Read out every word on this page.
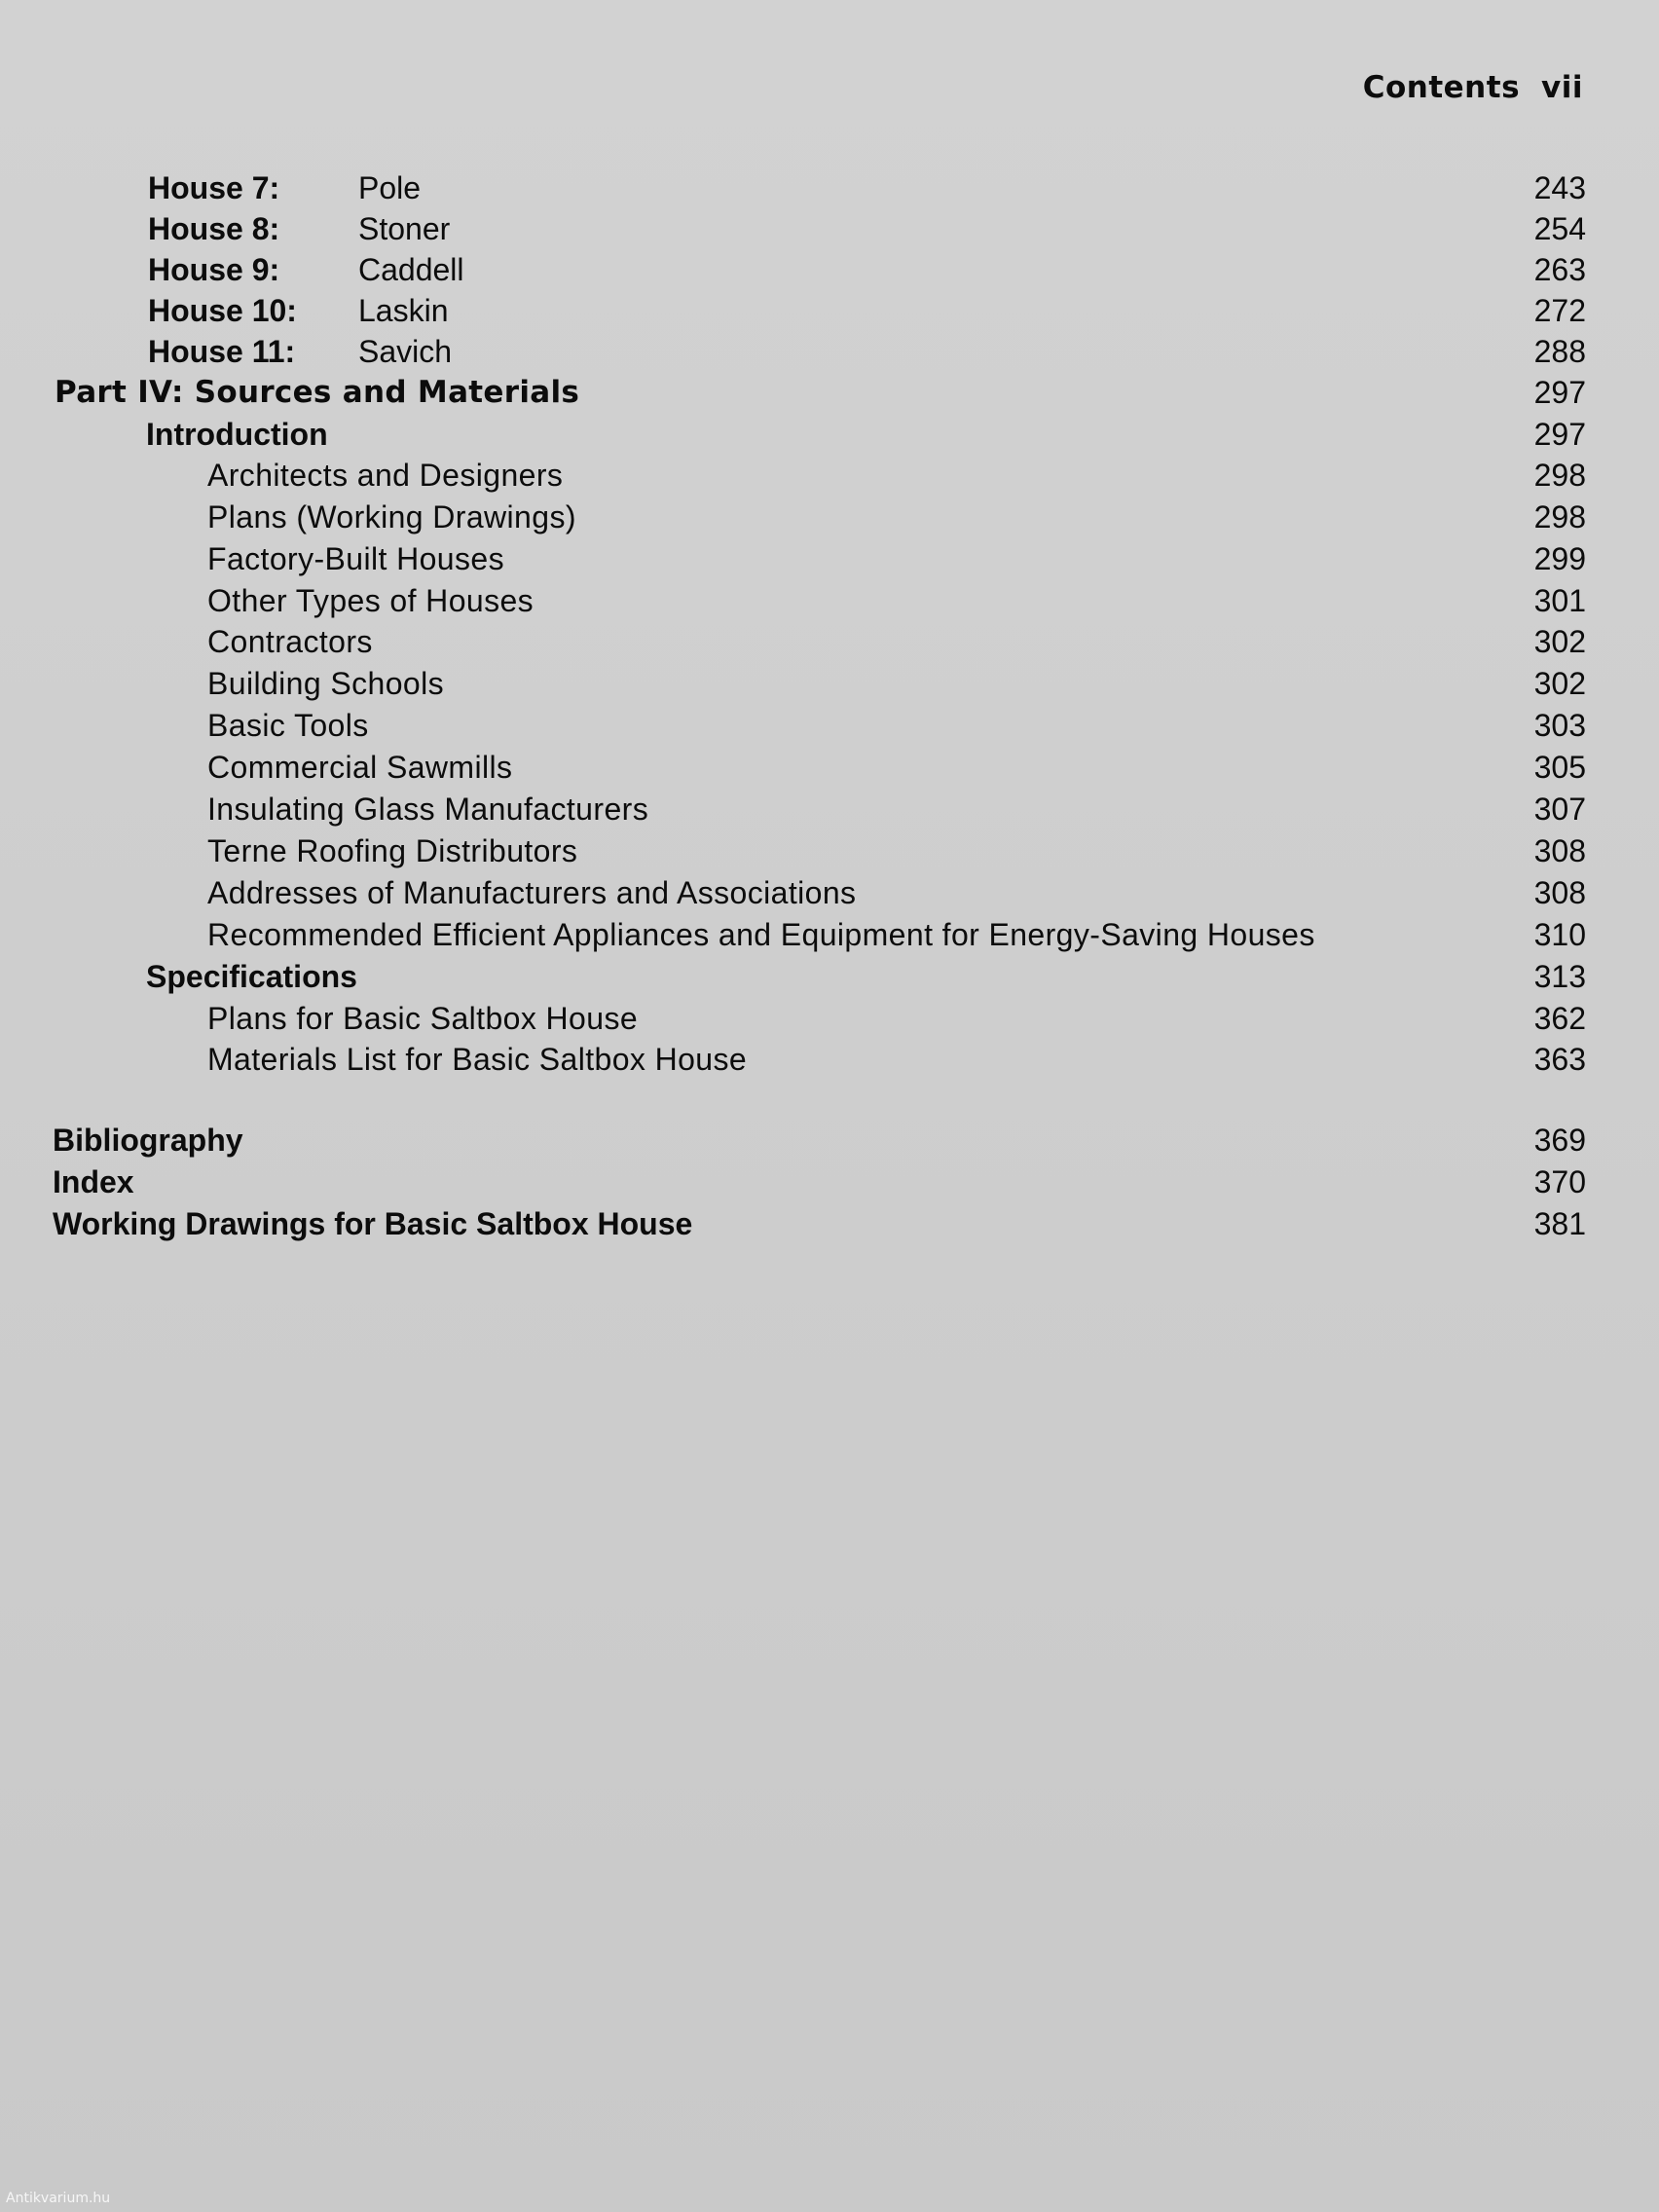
Contents vii
House 7:	Pole	243
House 8:	Stoner	254
House 9:	Caddell	263
House 10: Laskin	272
House 11: Savich	288
Part IV: Sources and Materials	297
Introduction	297
Architects and Designers	298
Plans (Working Drawings)	298
Factory-Built Houses	299
Other Types of Houses	301
Contractors	302
Building Schools	302
Basic Tools	303
Commercial Sawmills	305
Insulating Glass Manufacturers	307
Terne Roofing Distributors	308
Addresses of Manufacturers and Associations	308
Recommended Efficient Appliances and Equipment for Energy-Saving Houses	310
Specifications	313
Plans for Basic Saltbox House	362
Materials List for Basic Saltbox House	363
Bibliography	369
Index	370
Working Drawings for Basic Saltbox House	381
Antikvarium.hu
